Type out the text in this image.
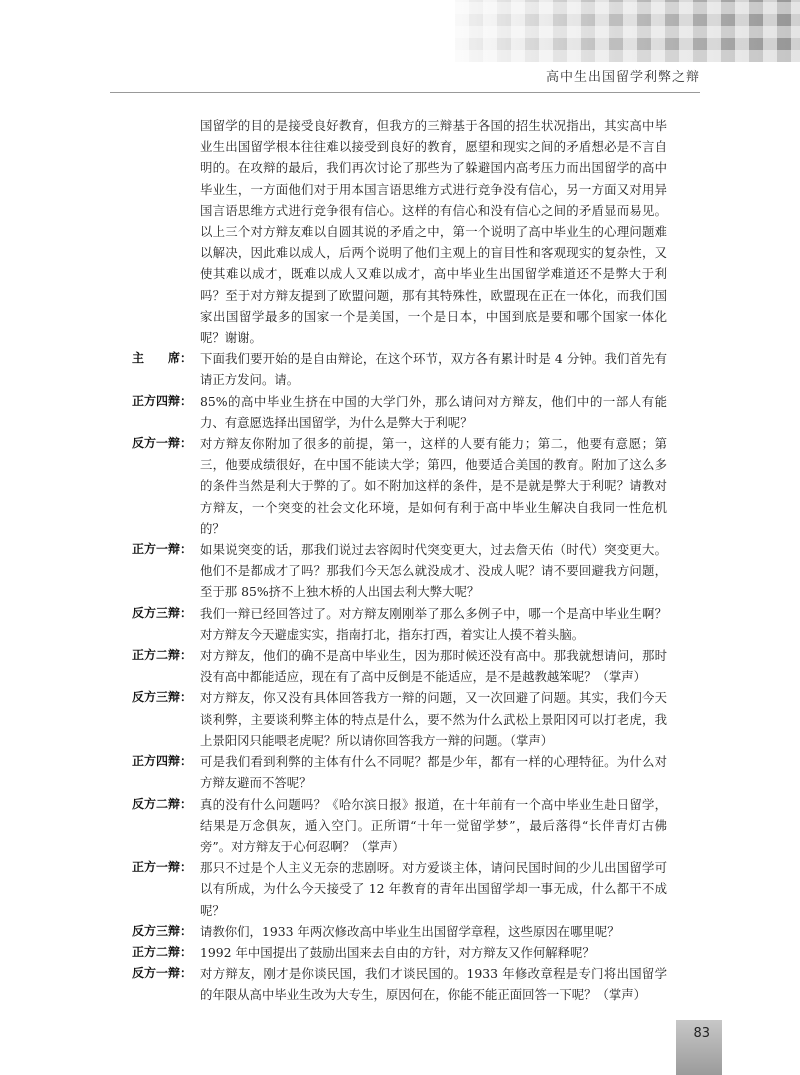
高中生出国留学利弊之辩
国留学的目的是接受良好教育，但我方的三辩基于各国的招生状况指出，其实高中毕业生出国留学根本往往难以接受到良好的教育，愿望和现实之间的矛盾想必是不言自明的。在攻辩的最后，我们再次讨论了那些为了躲避国内高考压力而出国留学的高中毕业生，一方面他们对于用本国言语思维方式进行竞争没有信心，另一方面又对用异国言语思维方式进行竞争很有信心。这样的有信心和没有信心之间的矛盾显而易见。以上三个对方辩友难以自圆其说的矛盾之中，第一个说明了高中毕业生的心理问题难以解决，因此难以成人，后两个说明了他们主观上的盲目性和客观现实的复杂性，又使其难以成才，既难以成人又难以成才，高中毕业生出国留学难道还不是弊大于利吗？至于对方辩友提到了欧盟问题，那有其特殊性，欧盟现在正在一体化，而我们国家出国留学最多的国家一个是美国，一个是日本，中国到底是要和哪个国家一体化呢？谢谢。
主　　席： 下面我们要开始的是自由辩论，在这个环节，双方各有累计时是 4 分钟。我们首先有请正方发问。请。
正方四辩： 85%的高中毕业生挤在中国的大学门外，那么请问对方辩友，他们中的一部人有能力、有意愿选择出国留学，为什么是弊大于利呢？
反方一辩： 对方辩友你附加了很多的前提，第一，这样的人要有能力；第二，他要有意愿；第三，他要成绩很好，在中国不能读大学；第四，他要适合美国的教育。附加了这么多的条件当然是利大于弊的了。如不附加这样的条件，是不是就是弊大于利呢？请教对方辩友，一个突变的社会文化环境，是如何有利于高中毕业生解决自我同一性危机的？
正方一辩： 如果说突变的话，那我们说过去容闳时代突变更大，过去詹天佑（时代）突变更大。他们不是都成才了吗？那我们今天怎么就没成才、没成人呢？请不要回避我方问题，至于那 85%挤不上独木桥的人出国去利大弊大呢？
反方三辩： 我们一辩已经回答过了。对方辩友刚刚举了那么多例子中，哪一个是高中毕业生啊？对方辩友今天避虚实实，指南打北，指东打西，着实让人摸不着头脑。
正方二辩： 对方辩友，他们的确不是高中毕业生，因为那时候还没有高中。那我就想请问，那时没有高中都能适应，现在有了高中反倒是不能适应，是不是越教越笨呢？（掌声）
反方三辩： 对方辩友，你又没有具体回答我方一辩的问题，又一次回避了问题。其实，我们今天谈利弊，主要谈利弊主体的特点是什么，要不然为什么武松上景阳冈可以打老虎，我上景阳冈只能喂老虎呢？所以请你回答我方一辩的问题。（掌声）
正方四辩： 可是我们看到利弊的主体有什么不同呢？都是少年，都有一样的心理特征。为什么对方辩友避而不答呢？
反方二辩： 真的没有什么问题吗？《哈尔滨日报》报道，在十年前有一个高中毕业生赴日留学，结果是万念俱灰，遁入空门。正所谓“十年一觉留学梦”，最后落得“长伴青灯古佛旁”。对方辩友于心何忍啊？（掌声）
正方一辩： 那只不过是个人主义无奈的悲剧呀。对方爱谈主体，请问民国时间的少儿出国留学可以有所成，为什么今天接受了 12 年教育的青年出国留学却一事无成，什么都干不成呢？
反方三辩： 请教你们，1933 年两次修改高中毕业生出国留学章程，这些原因在哪里呢？
正方二辩： 1992 年中国提出了鼓励出国来去自由的方针，对方辩友又作何解释呢？
反方一辩： 对方辩友，刚才是你谈民国，我们才谈民国的。1933 年修改章程是专门将出国留学的年限从高中毕业生改为大专生，原因何在，你能不能正面回答一下呢？（掌声）
83
